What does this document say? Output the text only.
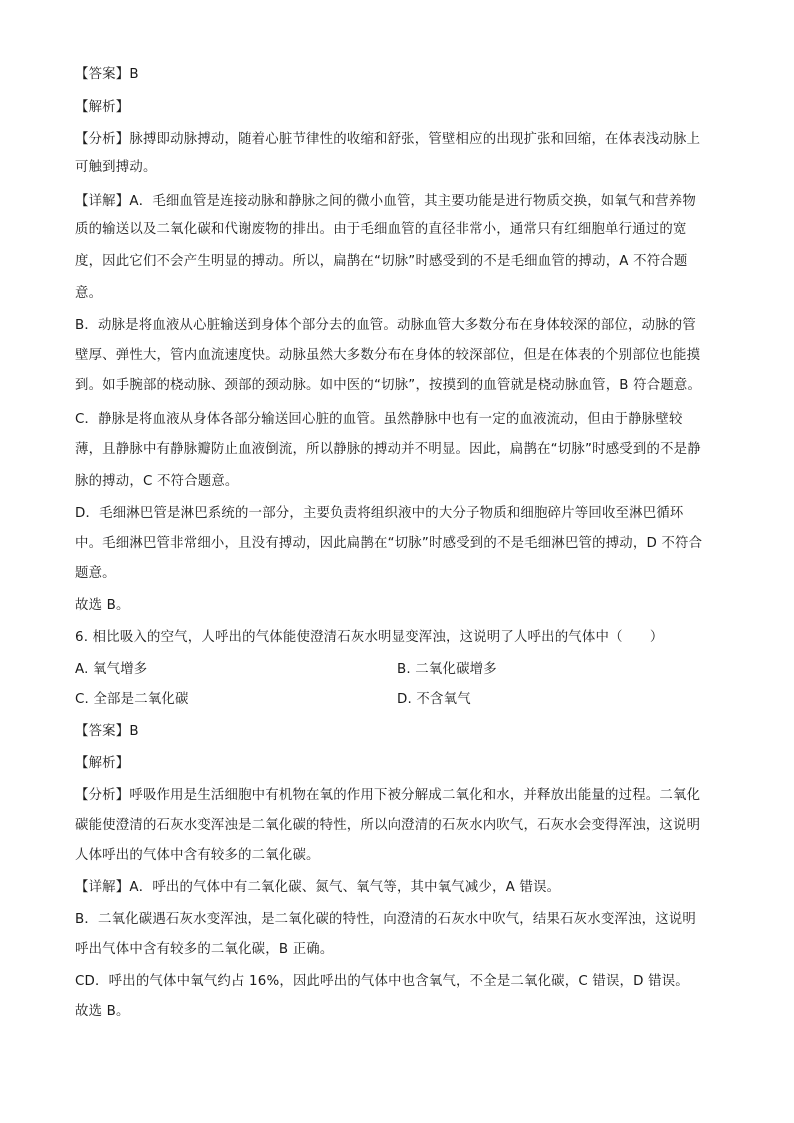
【答案】B
【解析】
【分析】脉搏即动脉搏动，随着心脏节律性的收缩和舒张，管壁相应的出现扩张和回缩，在体表浅动脉上
可触到搏动。
【详解】A．毛细血管是连接动脉和静脉之间的微小血管，其主要功能是进行物质交换，如氧气和营养物
质的输送以及二氧化碳和代谢废物的排出。由于毛细血管的直径非常小，通常只有红细胞单行通过的宽
度，因此它们不会产生明显的搏动。所以，扁鹊在“切脉”时感受到的不是毛细血管的搏动，A 不符合题
意。
B．动脉是将血液从心脏输送到身体个部分去的血管。动脉血管大多数分布在身体较深的部位，动脉的管
壁厚、弹性大，管内血流速度快。动脉虽然大多数分布在身体的较深部位，但是在体表的个别部位也能摸
到。如手腕部的桡动脉、颈部的颈动脉。如中医的“切脉”，按摸到的血管就是桡动脉血管，B 符合题意。
C．静脉是将血液从身体各部分输送回心脏的血管。虽然静脉中也有一定的血液流动，但由于静脉壁较
薄，且静脉中有静脉瓣防止血液倒流，所以静脉的搏动并不明显。因此，扁鹊在“切脉”时感受到的不是静
脉的搏动，C 不符合题意。
D．毛细淋巴管是淋巴系统的一部分，主要负责将组织液中的大分子物质和细胞碎片等回收至淋巴循环
中。毛细淋巴管非常细小，且没有搏动，因此扁鹊在“切脉”时感受到的不是毛细淋巴管的搏动，D 不符合
题意。
故选 B。
6. 相比吸入的空气，人呼出的气体能使澄清石灰水明显变浑浊，这说明了人呼出的气体中（　　）
A. 氧气增多	B. 二氧化碳增多
C. 全部是二氧化碳	D. 不含氧气
【答案】B
【解析】
【分析】呼吸作用是生活细胞中有机物在氧的作用下被分解成二氧化和水，并释放出能量的过程。二氧化
碳能使澄清的石灰水变浑浊是二氧化碳的特性，所以向澄清的石灰水内吹气，石灰水会变得浑浊，这说明
人体呼出的气体中含有较多的二氧化碳。
【详解】A．呼出的气体中有二氧化碳、氮气、氧气等，其中氧气减少，A 错误。
B．二氧化碳遇石灰水变浑浊，是二氧化碳的特性，向澄清的石灰水中吹气，结果石灰水变浑浊，这说明
呼出气体中含有较多的二氧化碳，B 正确。
CD．呼出的气体中氧气约占 16%，因此呼出的气体中也含氧气，不全是二氧化碳，C 错误，D 错误。
故选 B。
